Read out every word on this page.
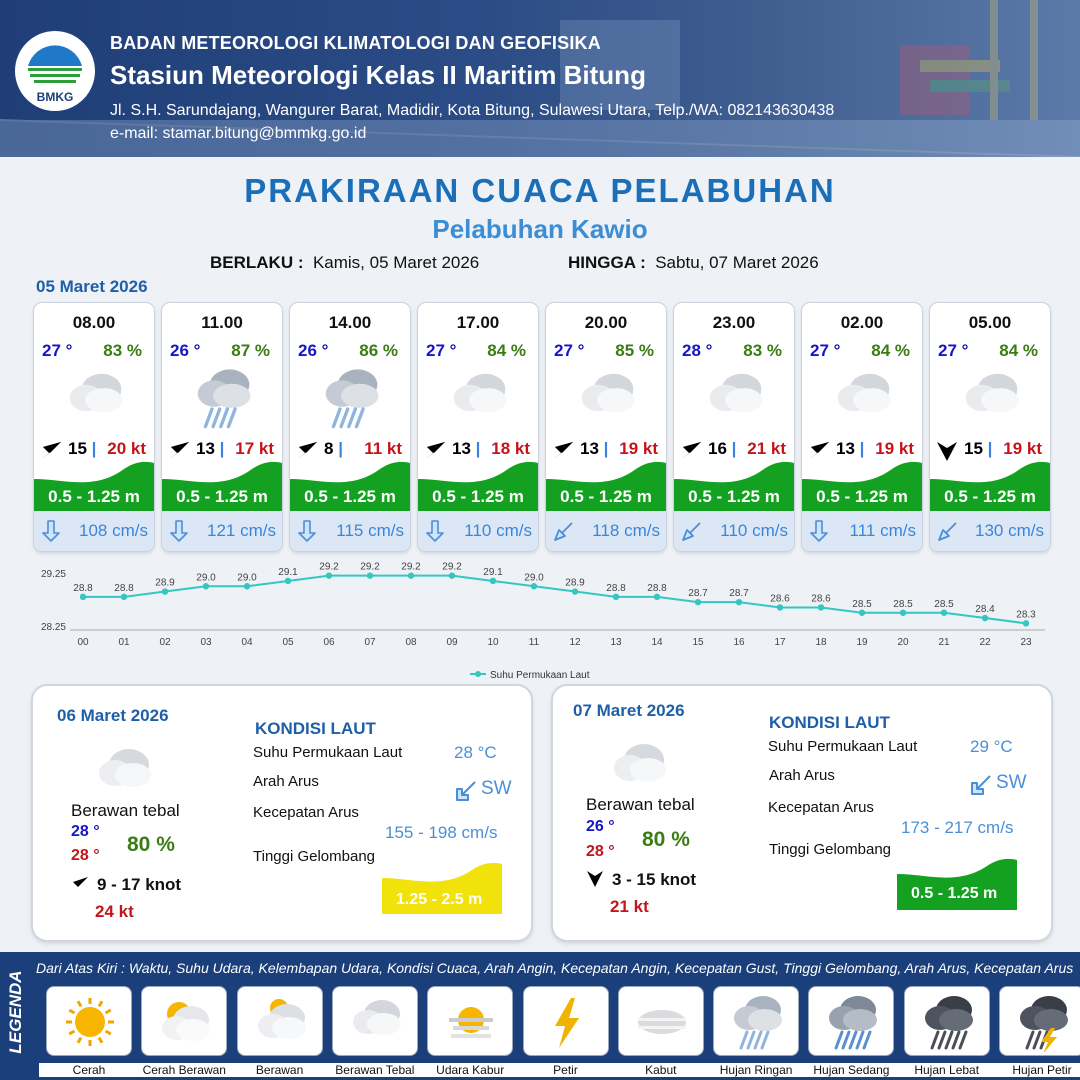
BMKG
BADAN METEOROLOGI KLIMATOLOGI DAN GEOFISIKA
Stasiun Meteorologi Kelas II Maritim Bitung
Jl. S.H. Sarundajang, Wangurer Barat, Madidir, Kota Bitung, Sulawesi Utara, Telp./WA: 082143630438
e-mail: stamar.bitung@bmmkg.go.id
PRAKIRAAN CUACA PELABUHAN
Pelabuhan Kawio
BERLAKU : Kamis, 05 Maret 2026	HINGGA : Sabtu, 07 Maret 2026
05 Maret 2026
08.00
27 ° 83 %
15 | 20 kt
0.5 - 1.25 m
108 cm/s
11.00
26 ° 87 %
13 | 17 kt
0.5 - 1.25 m
121 cm/s
14.00
26 ° 86 %
8 | 11 kt
0.5 - 1.25 m
115 cm/s
17.00
27 ° 84 %
13 | 18 kt
0.5 - 1.25 m
110 cm/s
20.00
27 ° 85 %
13 | 19 kt
0.5 - 1.25 m
118 cm/s
23.00
28 ° 83 %
16 | 21 kt
0.5 - 1.25 m
110 cm/s
02.00
27 ° 84 %
13 | 19 kt
0.5 - 1.25 m
111 cm/s
05.00
27 ° 84 %
15 | 19 kt
0.5 - 1.25 m
130 cm/s
29.25
28.25
28.8
00
28.8
01
28.9
02
29.0
03
29.0
04
29.1
05
29.2
06
29.2
07
29.2
08
29.2
09
29.1
10
29.0
11
28.9
12
28.8
13
28.8
14
28.7
15
28.7
16
28.6
17
28.6
18
28.5
19
28.5
20
28.5
21
28.4
22
28.3
23
Suhu Permukaan Laut
06 Maret 2026
Berawan tebal
28 °
28 ° 80 %
9 - 17 knot
24 kt
KONDISI LAUT
Suhu Permukaan Laut	28 °C
Arah Arus	SW
Kecepatan Arus
155 - 198 cm/s
Tinggi Gelombang
1.25 - 2.5 m
07 Maret 2026
Berawan tebal
26 °
28 °
80 %
3 - 15 knot
21 kt
KONDISI LAUT
Suhu Permukaan Laut	29 °C
Arah Arus	SW
Kecepatan Arus
173 - 217 cm/s
Tinggi Gelombang
0.5 - 1.25 m
LEGENDA
Dari Atas Kiri : Waktu, Suhu Udara, Kelembapan Udara, Kondisi Cuaca, Arah Angin, Kecepatan Angin, Kecepatan Gust, Tinggi Gelombang, Arah Arus, Kecepatan Arus
Cerah	Cerah Berawan	Berawan	Berawan Tebal	Udara Kabur	Petir	Kabut	Hujan Ringan	Hujan Sedang	Hujan Lebat	Hujan Petir
